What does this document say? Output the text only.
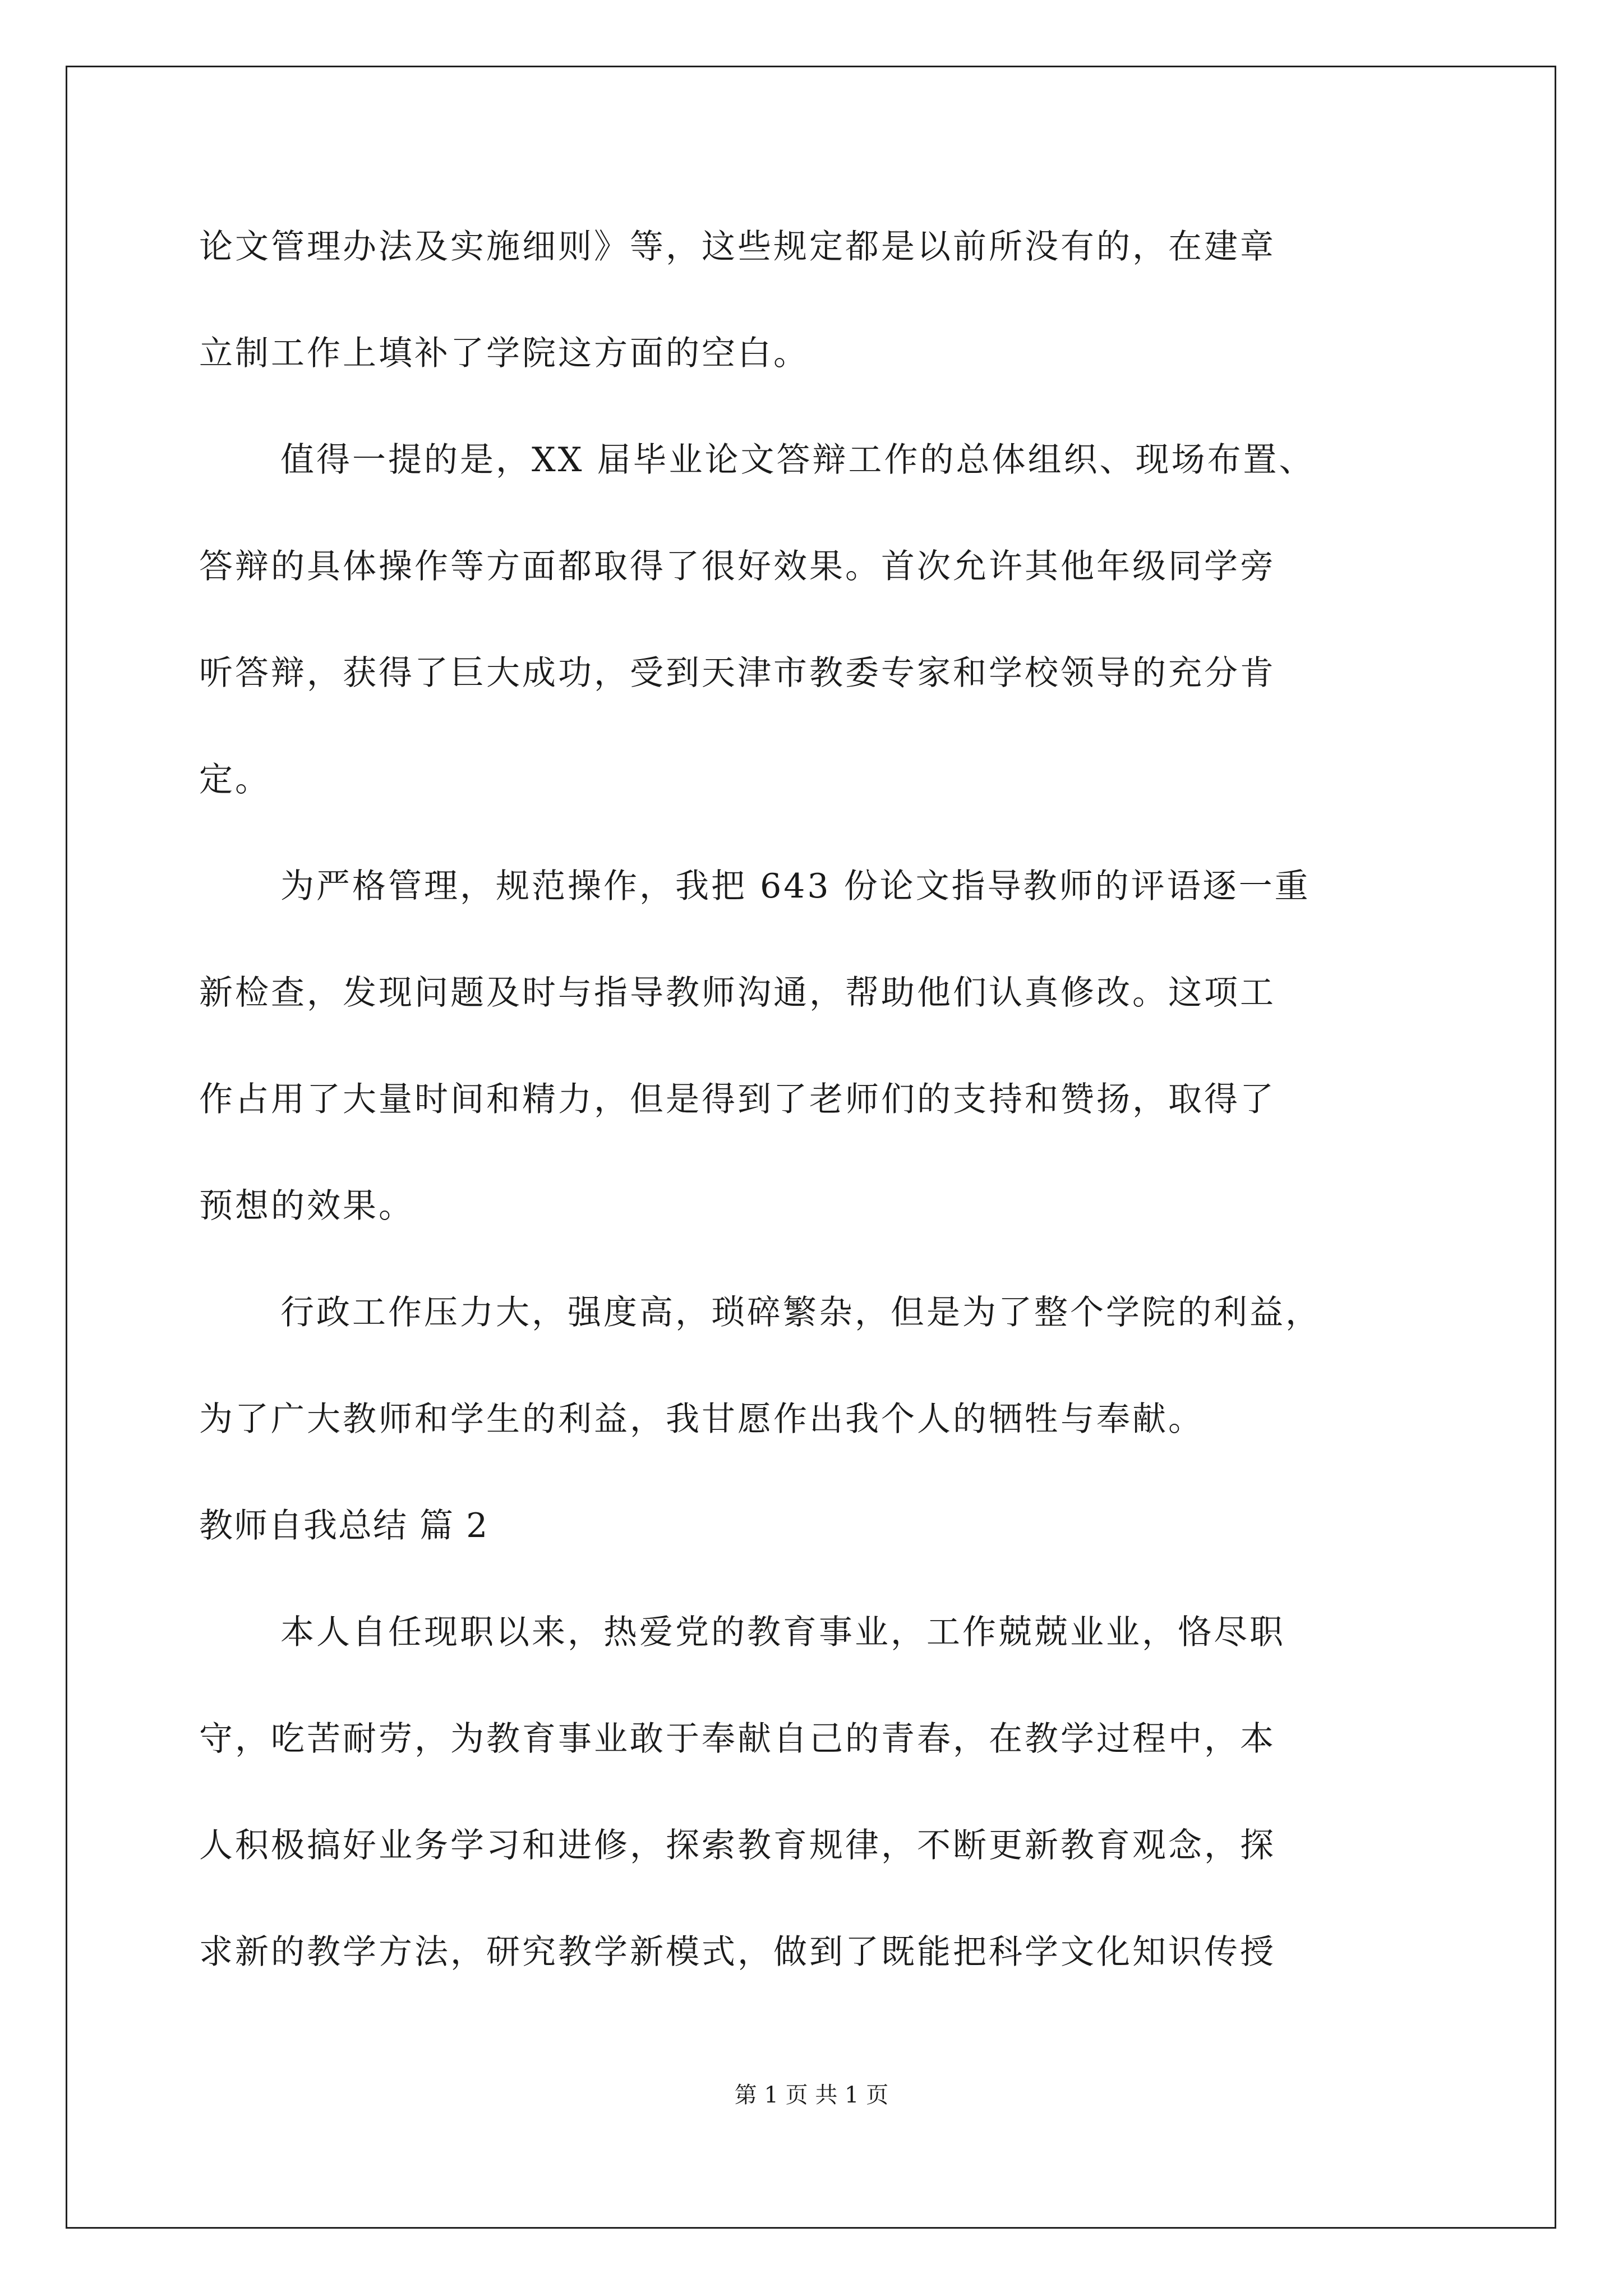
论文管理办法及实施细则》等，这些规定都是以前所没有的，在建章
立制工作上填补了学院这方面的空白。
值得一提的是，XX 届毕业论文答辩工作的总体组织、现场布置、
答辩的具体操作等方面都取得了很好效果。首次允许其他年级同学旁
听答辩，获得了巨大成功，受到天津市教委专家和学校领导的充分肯
定。
为严格管理，规范操作，我把 643 份论文指导教师的评语逐一重
新检查，发现问题及时与指导教师沟通，帮助他们认真修改。这项工
作占用了大量时间和精力，但是得到了老师们的支持和赞扬，取得了
预想的效果。
行政工作压力大，强度高，琐碎繁杂，但是为了整个学院的利益，
为了广大教师和学生的利益，我甘愿作出我个人的牺牲与奉献。
教师自我总结 篇 2
本人自任现职以来，热爱党的教育事业，工作兢兢业业，恪尽职
守，吃苦耐劳，为教育事业敢于奉献自己的青春，在教学过程中，本
人积极搞好业务学习和进修，探索教育规律，不断更新教育观念，探
求新的教学方法，研究教学新模式，做到了既能把科学文化知识传授
第 1 页 共 1 页
